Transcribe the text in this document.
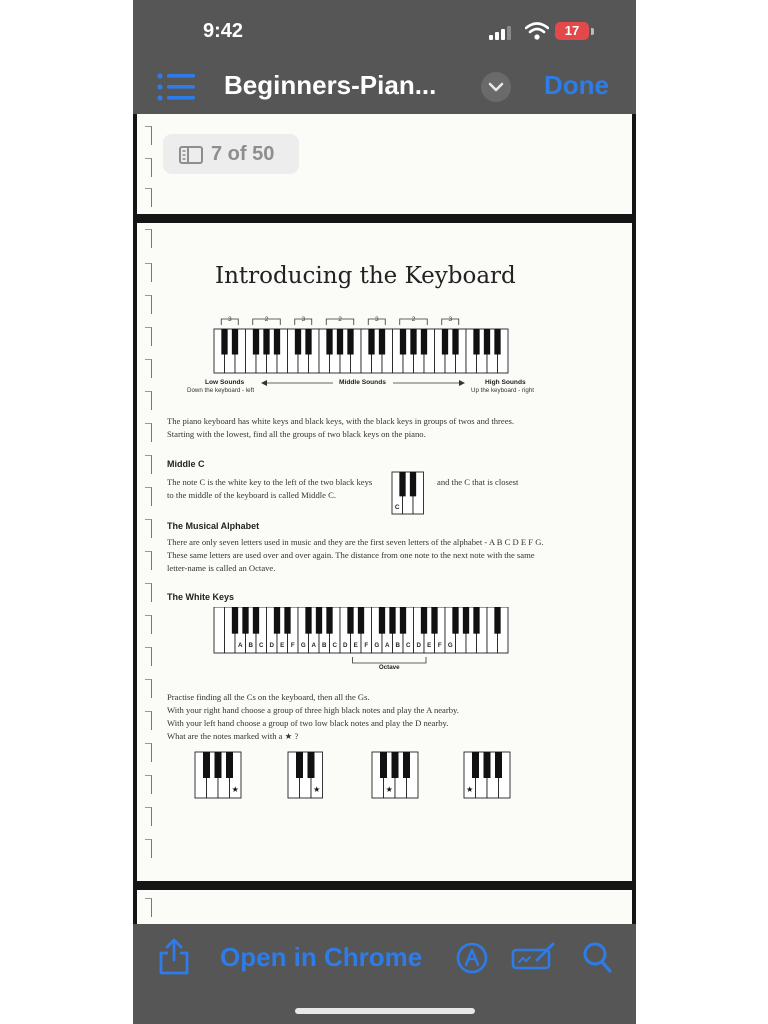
9:42	17
Beginners-Pian...	Done
7 of 50
Introducing the Keyboard
3	2	3	2	3	2	3
Low Sounds
Down the keyboard - left
Middle Sounds	High Sounds
Up the keyboard - right
The piano keyboard has white keys and black keys, with the black keys in groups of twos and threes.
Starting with the lowest, find all the groups of two black keys on the piano.
Middle C
The note C is the white key to the left of the two black keys
to the middle of the keyboard is called Middle C.
C
and the C that is closest
The Musical Alphabet
There are only seven letters used in music and they are the first seven letters of the alphabet - A B C D E F G.
These same letters are used over and over again. The distance from one note to the next note with the same
letter-name is called an Octave.
The White Keys
A B C D E F G A B C D E F G A B C D E F G
Octave
Practise finding all the Cs on the keyboard, then all the Gs.
With your right hand choose a group of three high black notes and play the A nearby.
With your left hand choose a group of two low black notes and play the D nearby.
What are the notes marked with a ★ ?
★	★	★	★
Open in Chrome
